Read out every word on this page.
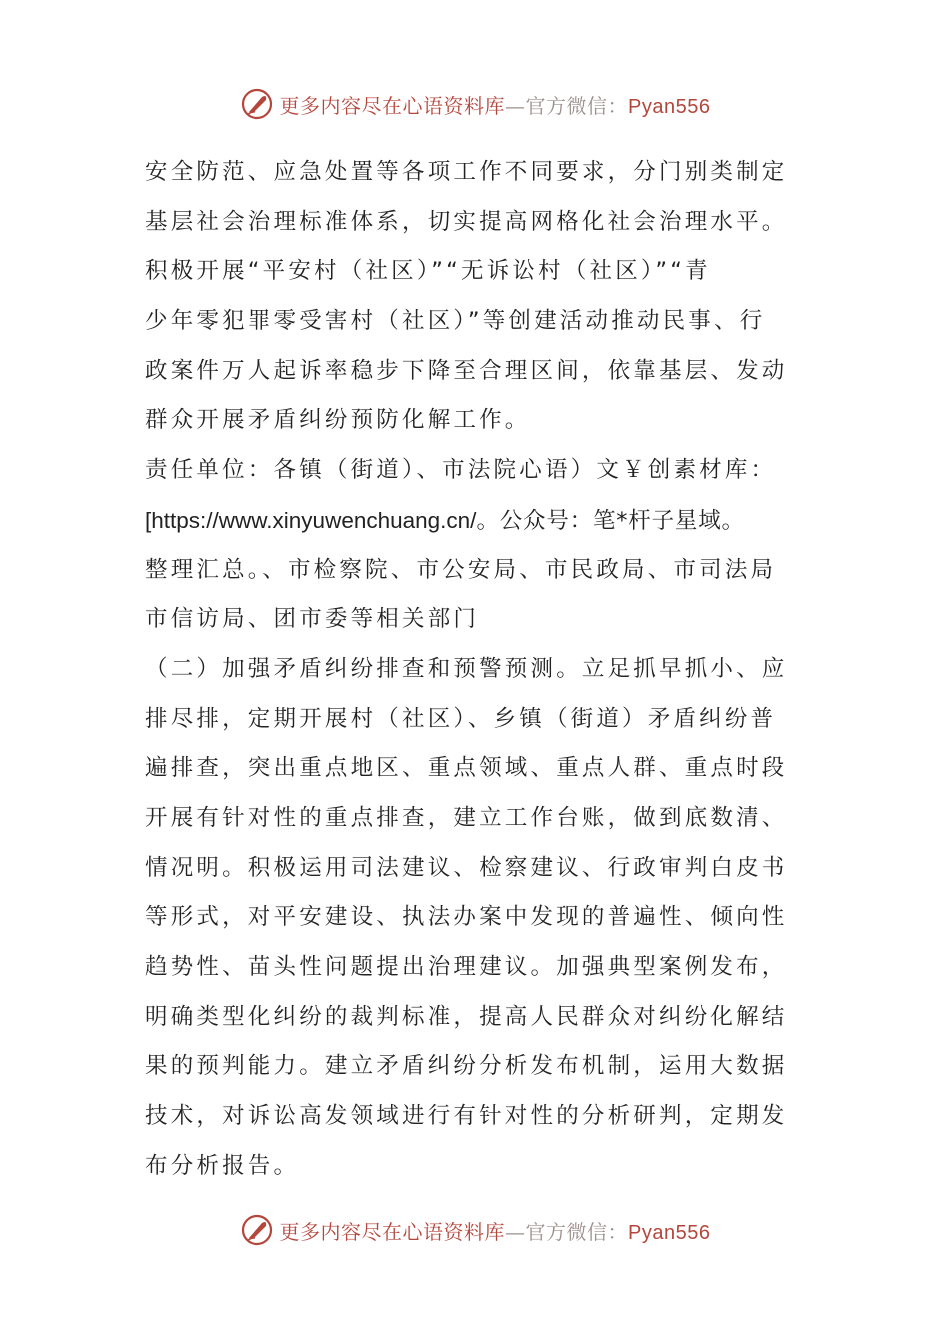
更多内容尽在心语资料库—官方微信：Pyan556
安全防范、应急处置等各项工作不同要求，分门别类制定
基层社会治理标准体系，切实提高网格化社会治理水平。
积极开展“平安村（社区）”“无诉讼村（社区）”“青
少年零犯罪零受害村（社区）”等创建活动推动民事、行
政案件万人起诉率稳步下降至合理区间，依靠基层、发动
群众开展矛盾纠纷预防化解工作。
责任单位：各镇（街道）、市法院心语）文￥创素材库：
[https://www.xinyuwenchuang.cn/。公众号：笔*杆子星域。
整理汇总。、市检察院、市公安局、市民政局、市司法局
市信访局、团市委等相关部门
（二）加强矛盾纠纷排查和预警预测。立足抓早抓小、应
排尽排，定期开展村（社区）、乡镇（街道）矛盾纠纷普
遍排查，突出重点地区、重点领域、重点人群、重点时段
开展有针对性的重点排查，建立工作台账，做到底数清、
情况明。积极运用司法建议、检察建议、行政审判白皮书
等形式，对平安建设、执法办案中发现的普遍性、倾向性
趋势性、苗头性问题提出治理建议。加强典型案例发布，
明确类型化纠纷的裁判标准，提高人民群众对纠纷化解结
果的预判能力。建立矛盾纠纷分析发布机制，运用大数据
技术，对诉讼高发领域进行有针对性的分析研判，定期发
布分析报告。
更多内容尽在心语资料库—官方微信：Pyan556
